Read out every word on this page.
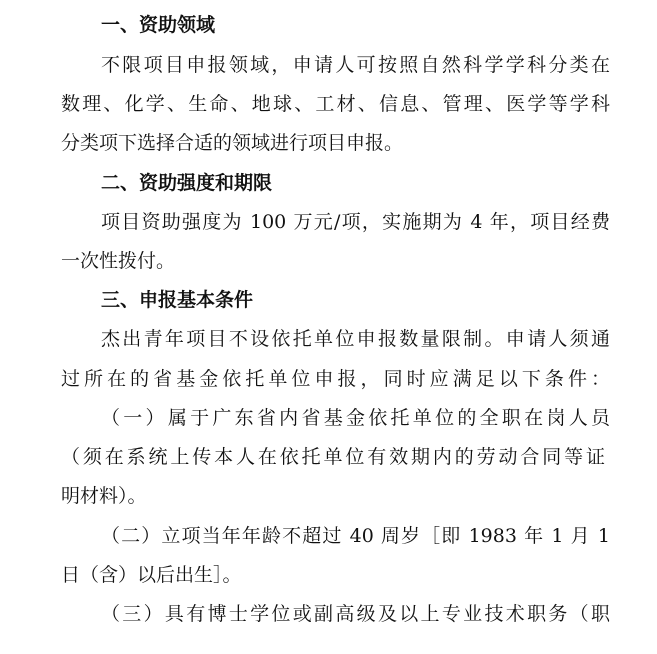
一、资助领域
不限项目申报领域，申请人可按照自然科学学科分类在
数理、化学、生命、地球、工材、信息、管理、医学等学科
分类项下选择合适的领域进行项目申报。
二、资助强度和期限
项目资助强度为 100 万元/项，实施期为 4 年，项目经费
一次性拨付。
三、申报基本条件
杰出青年项目不设依托单位申报数量限制。申请人须通
过所在的省基金依托单位申报，同时应满足以下条件：
（一）属于广东省内省基金依托单位的全职在岗人员
（须在系统上传本人在依托单位有效期内的劳动合同等证
明材料）。
（二）立项当年年龄不超过 40 周岁［即 1983 年 1 月 1
日（含）以后出生］。
（三）具有博士学位或副高级及以上专业技术职务（职
